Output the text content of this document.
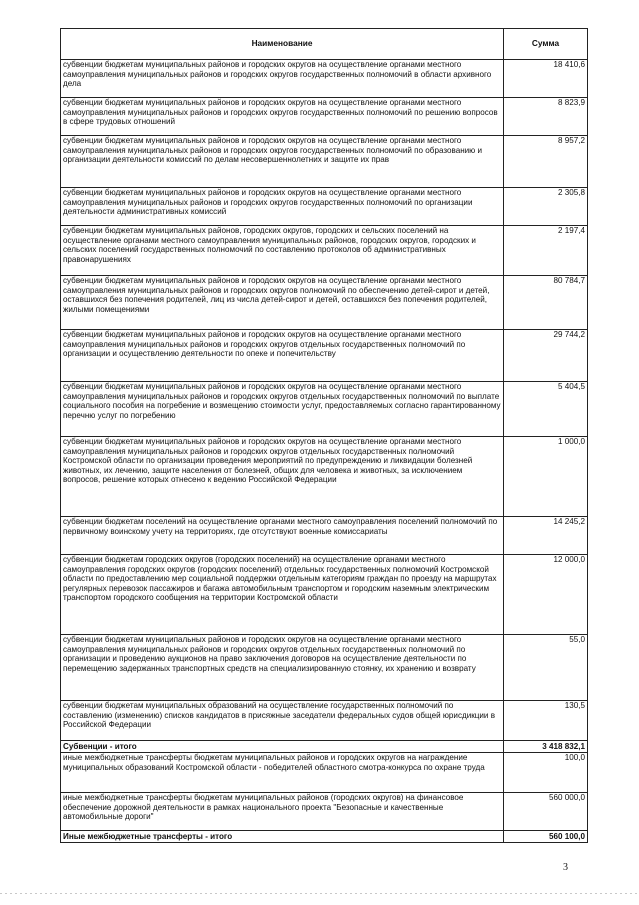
Наименование	Сумма
субвенции бюджетам муниципальных районов и городских округов на осуществление органами местного самоуправления муниципальных районов и городских округов государственных полномочий в области архивного дела	18 410,6
субвенции бюджетам муниципальных районов и городских округов на осуществление органами местного самоуправления муниципальных районов и городских округов государственных полномочий по решению вопросов в сфере трудовых отношений	8 823,9
субвенции бюджетам муниципальных районов и городских округов на осуществление органами местного самоуправления муниципальных районов и городских округов государственных полномочий по образованию и организации деятельности комиссий по делам несовершеннолетних и защите их прав	8 957,2
субвенции бюджетам муниципальных районов и городских округов на осуществление органами местного самоуправления муниципальных районов и городских округов государственных полномочий по организации деятельности административных комиссий	2 305,8
субвенции бюджетам муниципальных районов, городских округов, городских и сельских поселений на осуществление органами местного самоуправления муниципальных районов, городских округов, городских и сельских поселений государственных полномочий по составлению протоколов об административных правонарушениях	2 197,4
субвенции бюджетам муниципальных районов и городских округов на осуществление органами местного самоуправления муниципальных районов и городских округов полномочий по обеспечению детей-сирот и детей, оставшихся без попечения родителей, лиц из числа детей-сирот и детей, оставшихся без попечения родителей, жилыми помещениями	80 784,7
субвенции бюджетам муниципальных районов и городских округов на осуществление органами местного самоуправления муниципальных районов и городских округов отдельных государственных полномочий по организации и осуществлению деятельности по опеке и попечительству	29 744,2
субвенции бюджетам муниципальных районов и городских округов на осуществление органами местного самоуправления муниципальных районов и городских округов отдельных государственных полномочий по выплате социального пособия на погребение и возмещению стоимости услуг, предоставляемых согласно гарантированному перечню услуг по погребению	5 404,5
субвенции бюджетам муниципальных районов и городских округов на осуществление органами местного самоуправления муниципальных районов и городских округов отдельных государственных полномочий Костромской области по организации проведения мероприятий по предупреждению и ликвидации болезней животных, их лечению, защите населения от болезней, общих для человека и животных, за исключением вопросов, решение которых отнесено к ведению Российской Федерации	1 000,0
субвенции бюджетам поселений на осуществление органами местного самоуправления поселений полномочий по первичному воинскому учету на территориях, где отсутствуют военные комиссариаты	14 245,2
субвенции бюджетам городских округов (городских поселений) на осуществление органами местного самоуправления городских округов (городских поселений) отдельных государственных полномочий Костромской области по предоставлению мер социальной поддержки отдельным категориям граждан по проезду на маршрутах регулярных перевозок пассажиров и багажа автомобильным транспортом и городским наземным электрическим транспортом городского сообщения на территории Костромской области	12 000,0
субвенции бюджетам муниципальных районов и городских округов на осуществление органами местного самоуправления муниципальных районов и городских округов отдельных государственных полномочий по организации и проведению аукционов на право заключения договоров на осуществление деятельности по перемещению задержанных транспортных средств на специализированную стоянку, их хранению и возврату	55,0
субвенции бюджетам муниципальных образований на осуществление государственных полномочий по составлению (изменению) списков кандидатов в присяжные заседатели федеральных судов общей юрисдикции в Российской Федерации	130,5
Субвенции - итого	3 418 832,1
иные межбюджетные трансферты бюджетам муниципальных районов и городских округов на награждение муниципальных образований Костромской области - победителей областного смотра-конкурса по охране труда	100,0
иные межбюджетные трансферты бюджетам муниципальных районов (городских округов) на финансовое обеспечение дорожной деятельности в рамках национального проекта "Безопасные и качественные автомобильные дороги"	560 000,0
Иные межбюджетные трансферты - итого	560 100,0
3
